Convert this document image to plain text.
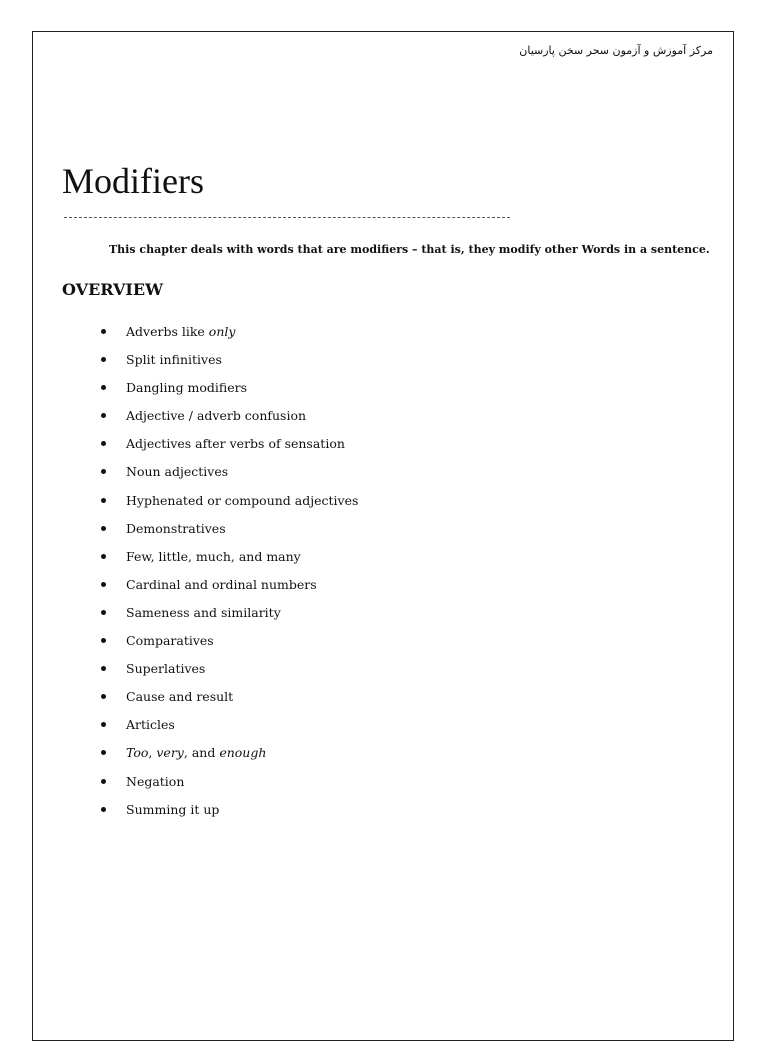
مرکز آموزش و آزمون سحر سخن پارسیان
Modifiers

This chapter deals with words that are modifiers – that is, they modify other Words in a sentence.

OVERVIEW
Adverbs like only
Split infinitives
Dangling modifiers
Adjective / adverb confusion
Adjectives after verbs of sensation
Noun adjectives
Hyphenated or compound adjectives
Demonstratives
Few, little, much, and many
Cardinal and ordinal numbers
Sameness and similarity
Comparatives
Superlatives
Cause and result
Articles
Too, very, and enough
Negation
Summing it up
